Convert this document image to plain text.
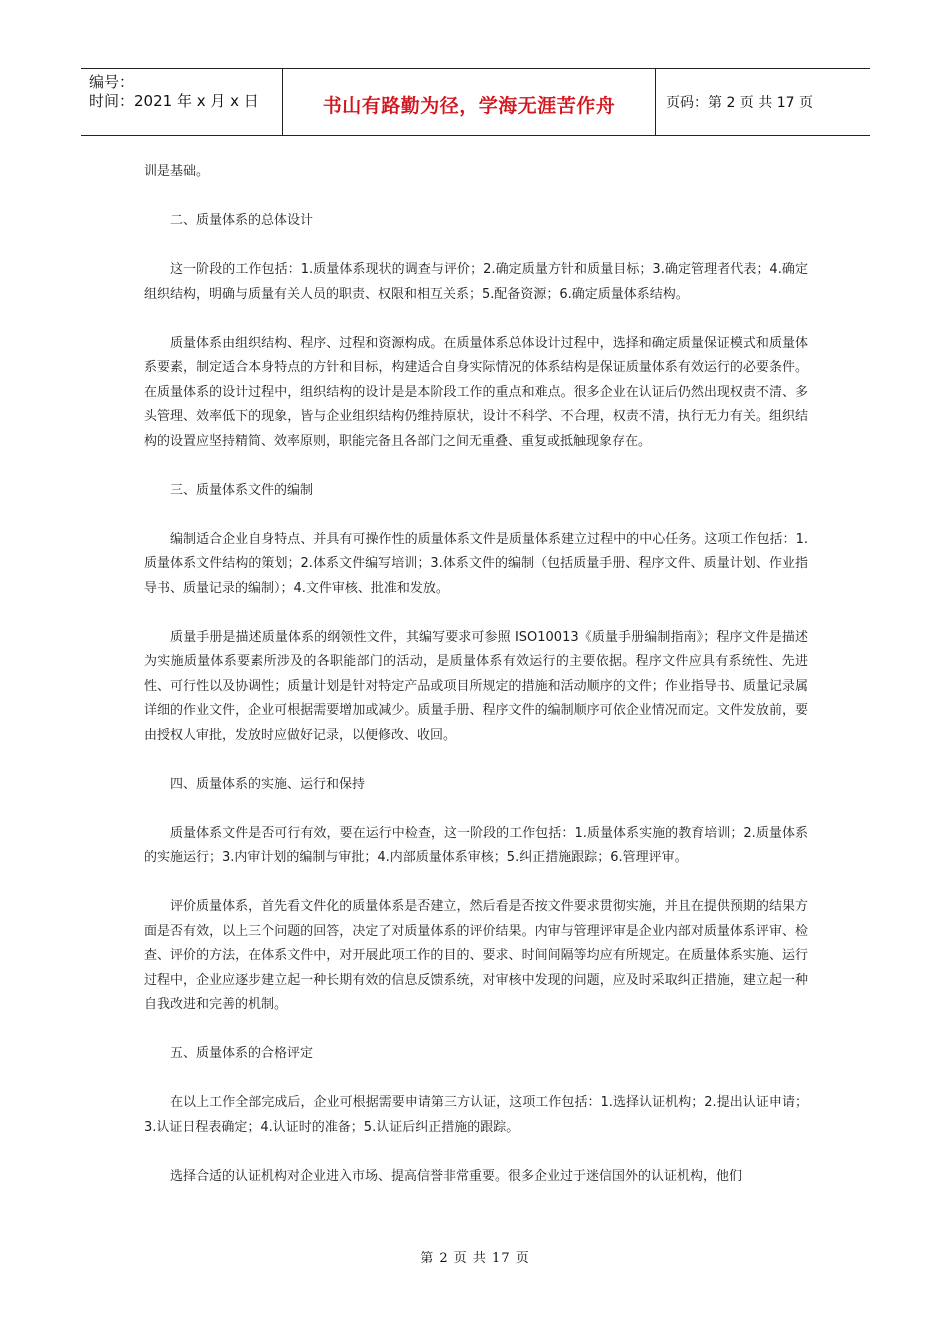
编号：
时间：2021 年 x 月 x 日	书山有路勤为径，学海无涯苦作舟	页码：第 2 页 共 17 页

训是基础。

二、质量体系的总体设计

这一阶段的工作包括：1.质量体系现状的调查与评价；2.确定质量方针和质量目标；3.确定管理者代表；4.确定组织结构，明确与质量有关人员的职责、权限和相互关系；5.配备资源；6.确定质量体系结构。

质量体系由组织结构、程序、过程和资源构成。在质量体系总体设计过程中，选择和确定质量保证模式和质量体系要素，制定适合本身特点的方针和目标，构建适合自身实际情况的体系结构是保证质量体系有效运行的必要条件。在质量体系的设计过程中，组织结构的设计是是本阶段工作的重点和难点。很多企业在认证后仍然出现权责不清、多头管理、效率低下的现象，皆与企业组织结构仍维持原状，设计不科学、不合理，权责不清，执行无力有关。组织结构的设置应坚持精简、效率原则，职能完备且各部门之间无重叠、重复或抵触现象存在。

三、质量体系文件的编制

编制适合企业自身特点、并具有可操作性的质量体系文件是质量体系建立过程中的中心任务。这项工作包括：1.质量体系文件结构的策划；2.体系文件编写培训；3.体系文件的编制（包括质量手册、程序文件、质量计划、作业指导书、质量记录的编制）；4.文件审核、批准和发放。

质量手册是描述质量体系的纲领性文件，其编写要求可参照 ISO10013《质量手册编制指南》；程序文件是描述为实施质量体系要素所涉及的各职能部门的活动，是质量体系有效运行的主要依据。程序文件应具有系统性、先进性、可行性以及协调性；质量计划是针对特定产品或项目所规定的措施和活动顺序的文件；作业指导书、质量记录属详细的作业文件，企业可根据需要增加或减少。质量手册、程序文件的编制顺序可依企业情况而定。文件发放前，要由授权人审批，发放时应做好记录，以便修改、收回。

四、质量体系的实施、运行和保持

质量体系文件是否可行有效，要在运行中检查，这一阶段的工作包括：1.质量体系实施的教育培训；2.质量体系的实施运行；3.内审计划的编制与审批；4.内部质量体系审核；5.纠正措施跟踪；6.管理评审。

评价质量体系，首先看文件化的质量体系是否建立，然后看是否按文件要求贯彻实施，并且在提供预期的结果方面是否有效，以上三个问题的回答，决定了对质量体系的评价结果。内审与管理评审是企业内部对质量体系评审、检查、评价的方法，在体系文件中，对开展此项工作的目的、要求、时间间隔等均应有所规定。在质量体系实施、运行过程中，企业应逐步建立起一种长期有效的信息反馈系统，对审核中发现的问题，应及时采取纠正措施，建立起一种自我改进和完善的机制。

五、质量体系的合格评定

在以上工作全部完成后，企业可根据需要申请第三方认证，这项工作包括：1.选择认证机构；2.提出认证申请；3.认证日程表确定；4.认证时的准备；5.认证后纠正措施的跟踪。

选择合适的认证机构对企业进入市场、提高信誉非常重要。很多企业过于迷信国外的认证机构，他们

第 2 页 共 17 页
